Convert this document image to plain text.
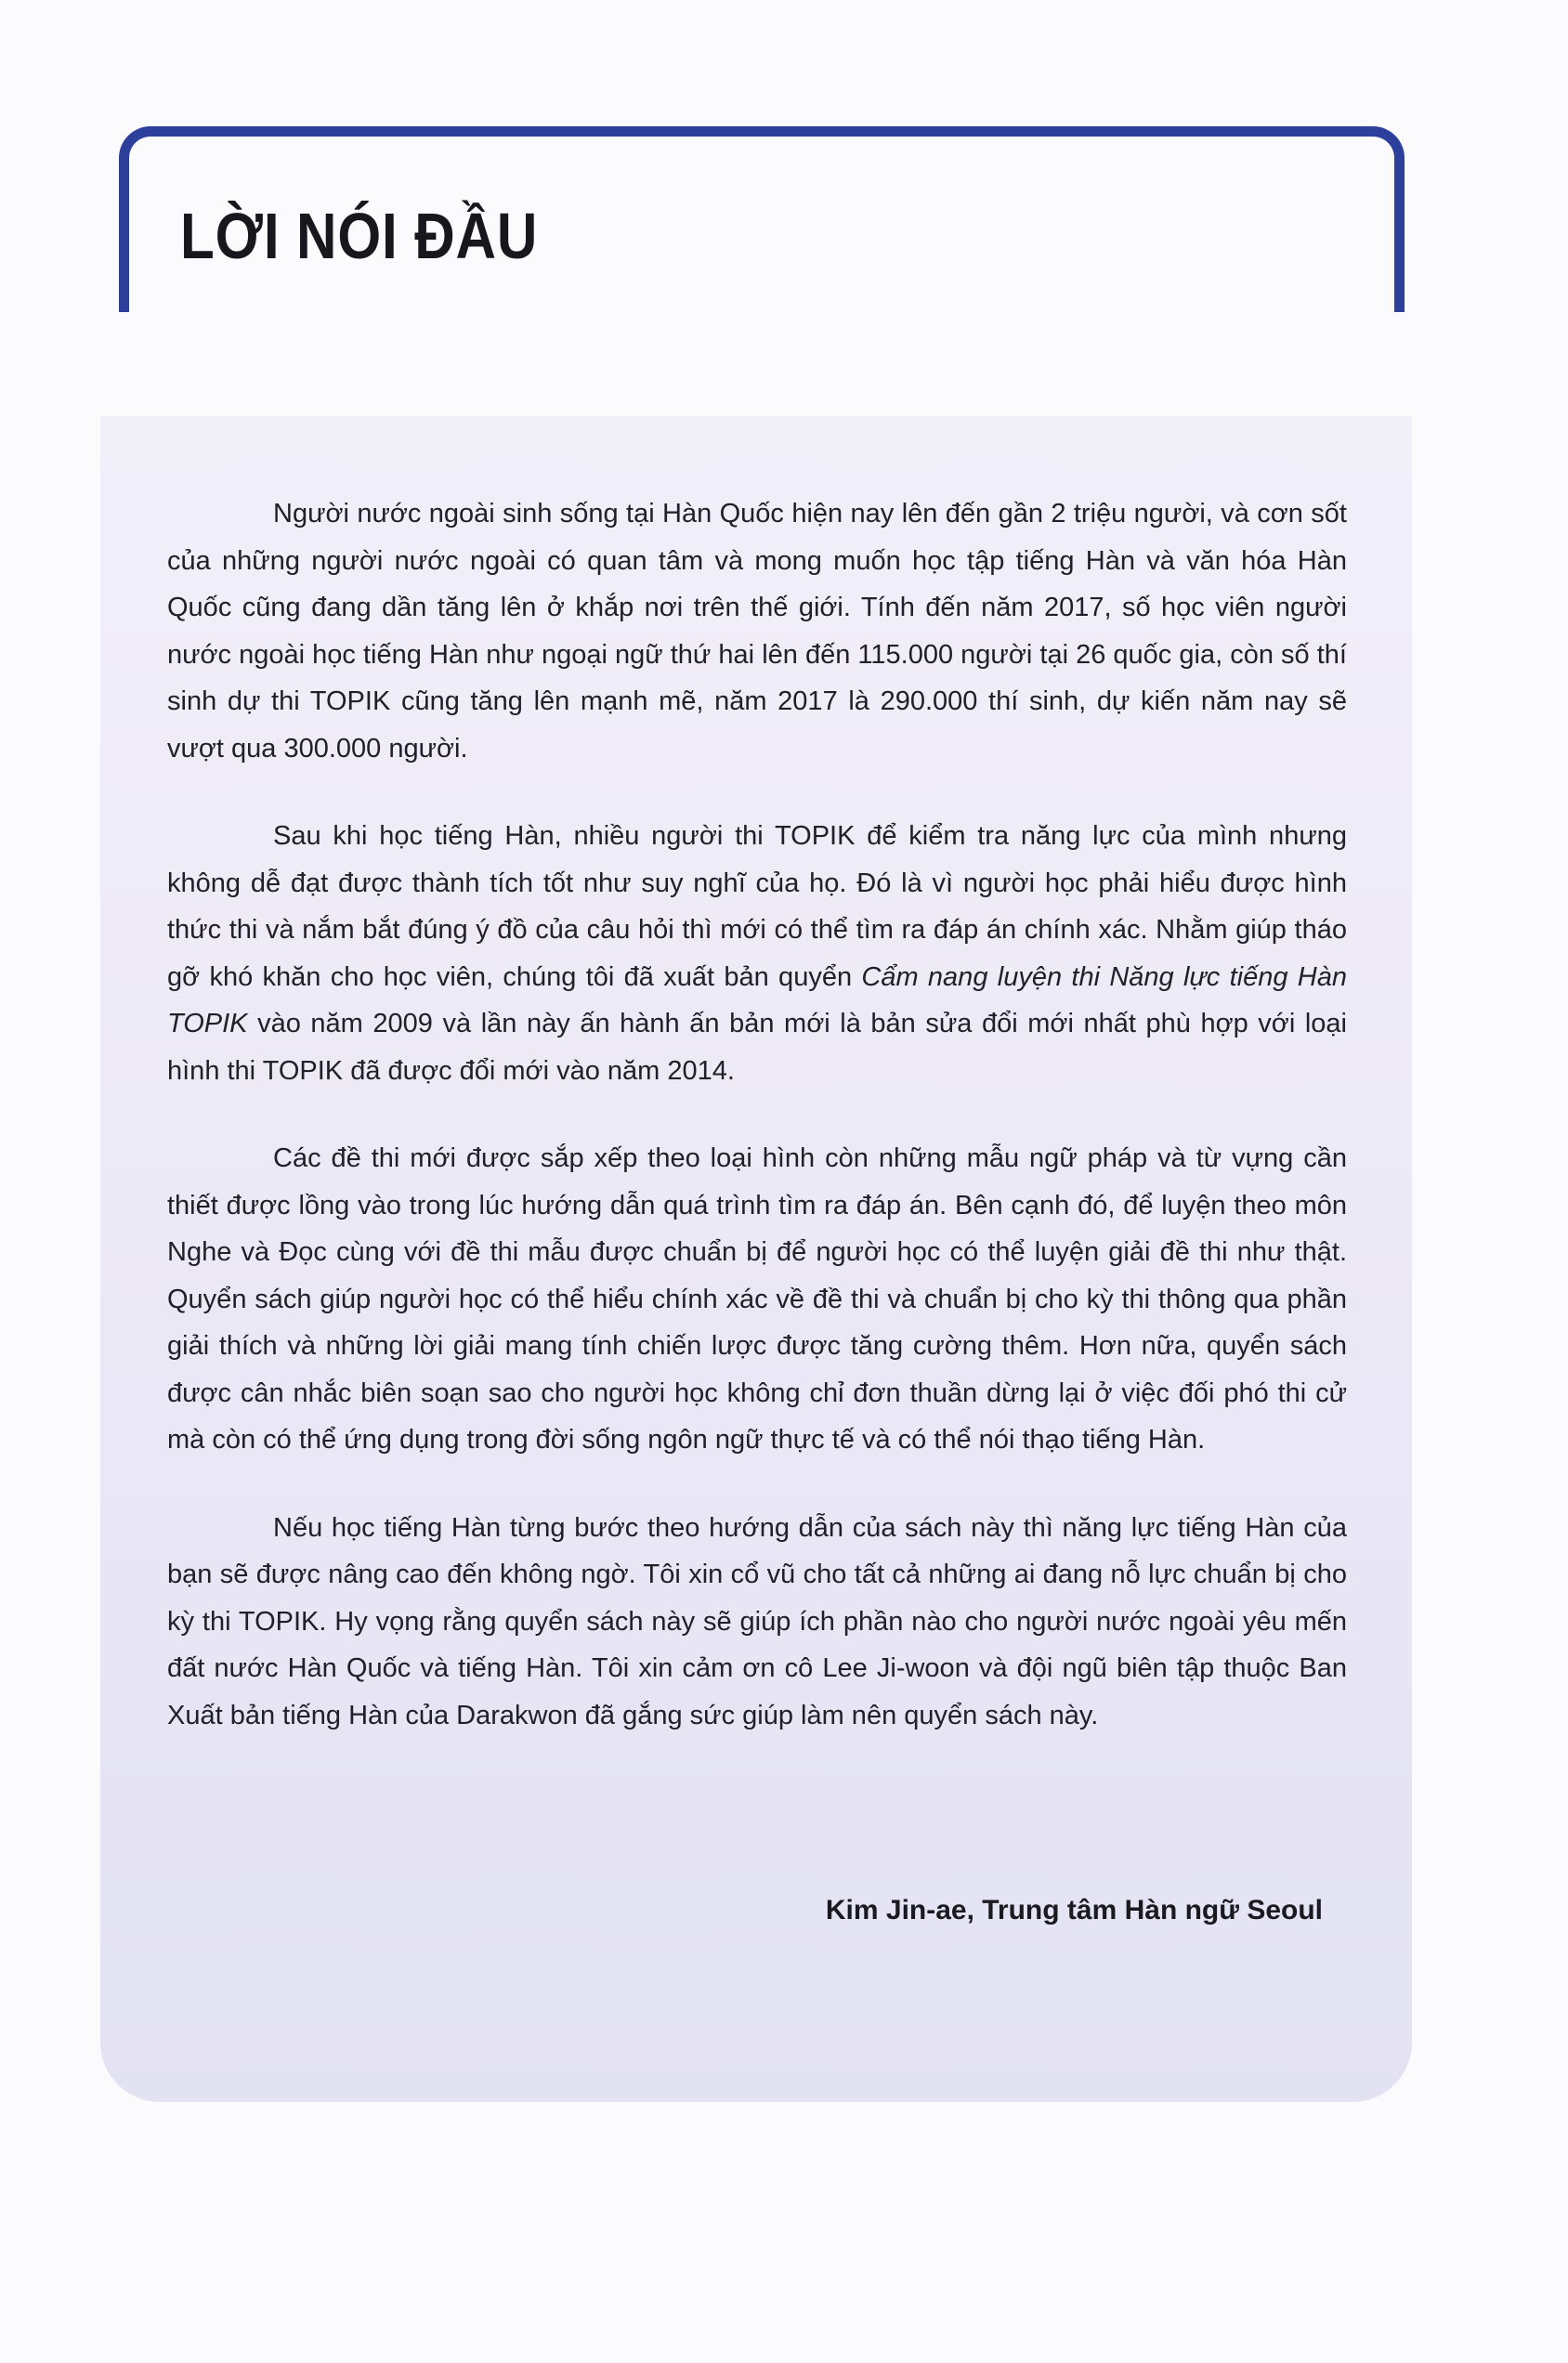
LỜI NÓI ĐẦU

Người nước ngoài sinh sống tại Hàn Quốc hiện nay lên đến gần 2 triệu người, và cơn sốt của những người nước ngoài có quan tâm và mong muốn học tập tiếng Hàn và văn hóa Hàn Quốc cũng đang dần tăng lên ở khắp nơi trên thế giới. Tính đến năm 2017, số học viên người nước ngoài học tiếng Hàn như ngoại ngữ thứ hai lên đến 115.000 người tại 26 quốc gia, còn số thí sinh dự thi TOPIK cũng tăng lên mạnh mẽ, năm 2017 là 290.000 thí sinh, dự kiến năm nay sẽ vượt qua 300.000 người.

Sau khi học tiếng Hàn, nhiều người thi TOPIK để kiểm tra năng lực của mình nhưng không dễ đạt được thành tích tốt như suy nghĩ của họ. Đó là vì người học phải hiểu được hình thức thi và nắm bắt đúng ý đồ của câu hỏi thì mới có thể tìm ra đáp án chính xác. Nhằm giúp tháo gỡ khó khăn cho học viên, chúng tôi đã xuất bản quyển Cẩm nang luyện thi Năng lực tiếng Hàn TOPIK vào năm 2009 và lần này ấn hành ấn bản mới là bản sửa đổi mới nhất phù hợp với loại hình thi TOPIK đã được đổi mới vào năm 2014.

Các đề thi mới được sắp xếp theo loại hình còn những mẫu ngữ pháp và từ vựng cần thiết được lồng vào trong lúc hướng dẫn quá trình tìm ra đáp án. Bên cạnh đó, để luyện theo môn Nghe và Đọc cùng với đề thi mẫu được chuẩn bị để người học có thể luyện giải đề thi như thật. Quyển sách giúp người học có thể hiểu chính xác về đề thi và chuẩn bị cho kỳ thi thông qua phần giải thích và những lời giải mang tính chiến lược được tăng cường thêm. Hơn nữa, quyển sách được cân nhắc biên soạn sao cho người học không chỉ đơn thuần dừng lại ở việc đối phó thi cử mà còn có thể ứng dụng trong đời sống ngôn ngữ thực tế và có thể nói thạo tiếng Hàn.

Nếu học tiếng Hàn từng bước theo hướng dẫn của sách này thì năng lực tiếng Hàn của bạn sẽ được nâng cao đến không ngờ. Tôi xin cổ vũ cho tất cả những ai đang nỗ lực chuẩn bị cho kỳ thi TOPIK. Hy vọng rằng quyển sách này sẽ giúp ích phần nào cho người nước ngoài yêu mến đất nước Hàn Quốc và tiếng Hàn. Tôi xin cảm ơn cô Lee Ji-woon và đội ngũ biên tập thuộc Ban Xuất bản tiếng Hàn của Darakwon đã gắng sức giúp làm nên quyển sách này.

Kim Jin-ae, Trung tâm Hàn ngữ Seoul
